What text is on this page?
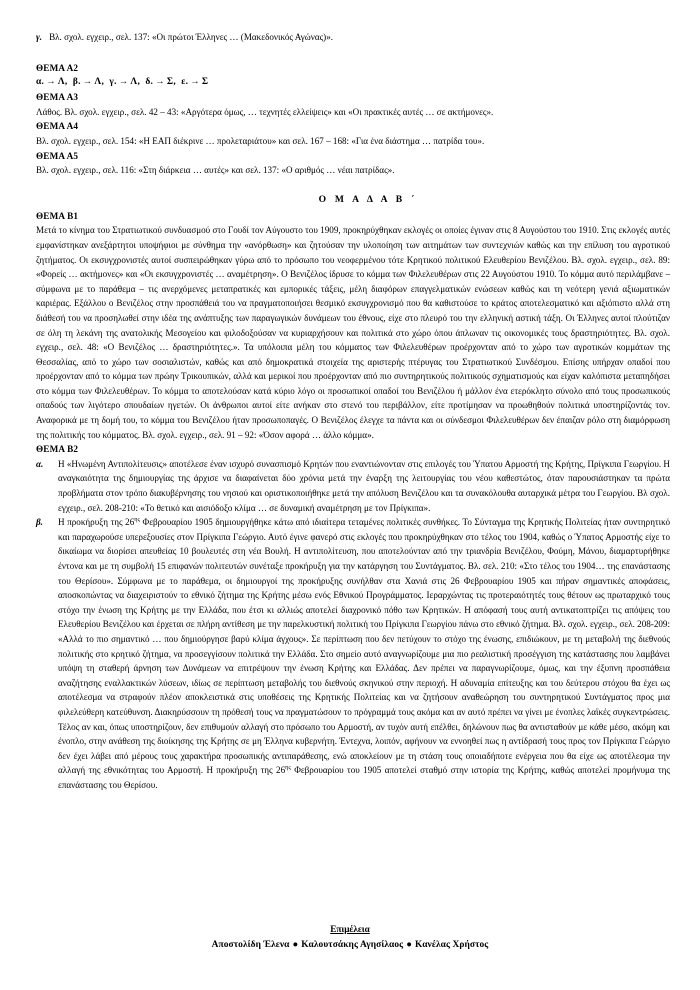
γ. Βλ. σχολ. εγχειρ., σελ. 137: «Οι πρώτοι Έλληνες … (Μακεδονικός Αγώνας)».
ΘΕΜΑ Α2
α. → Λ,  β. → Λ,  γ. → Λ,  δ. → Σ,  ε. → Σ
ΘΕΜΑ Α3
Λάθος. Βλ. σχολ. εγχειρ., σελ. 42 – 43: «Αργότερα όμως, … τεχνητές ελλείψεις» και «Οι πρακτικές αυτές … σε ακτήμονες».
ΘΕΜΑ Α4
Βλ. σχολ. εγχειρ., σελ. 154: «Η ΕΑΠ διέκρινε … προλεταριάτου» και σελ. 167 – 168: «Για ένα διάστημα … πατρίδα του».
ΘΕΜΑ Α5
Βλ. σχολ. εγχειρ., σελ. 116: «Στη διάρκεια … αυτές» και σελ. 137: «Ο αριθμός … νέαι πατρίδας».
Ο Μ Α Δ Α Β ΄
ΘΕΜΑ Β1
Μετά το κίνημα του Στρατιωτικού συνδυασμού στο Γουδί τον Αύγουστο του 1909, προκηρύχθηκαν εκλογές οι οποίες έγιναν στις 8 Αυγούστου του 1910. Στις εκλογές αυτές εμφανίστηκαν ανεξάρτητοι υποψήφιοι με σύνθημα την «ανόρθωση» και ζητούσαν την υλοποίηση των αιτημάτων των συντεχνιών καθώς και την επίλυση του αγροτικού ζητήματος. Οι εκσυγχρονιστές αυτοί συσπειρώθηκαν γύρω από το πρόσωπο του νεοφερμένου τότε Κρητικού πολιτικού Ελευθερίου Βενιζέλου. Βλ. σχολ. εγχειρ., σελ. 89: «Φορείς … ακτήμονες» και «Οι εκσυγχρονιστές … αναμέτρηση». Ο Βενιζέλος ίδρυσε το κόμμα των Φιλελευθέρων στις 22 Αυγούστου 1910. Το κόμμα αυτό περιλάμβανε – σύμφωνα με το παράθεμα – τις ανερχόμενες μεταπρατικές και εμπορικές τάξεις, μέλη διαφόρων επαγγελματικών ενώσεων καθώς και τη νεότερη γενιά αξιωματικών καριέρας. Εξάλλου ο Βενιζέλος στην προσπάθειά του να πραγματοποιήσει θεσμικό εκσυγχρονισμό που θα καθιστούσε το κράτος αποτελεσματικό και αξιόπιστο αλλά στη διάθεσή του να προσηλωθεί στην ιδέα της ανάπτυξης των παραγωγικών δυνάμεων του έθνους, είχε στο πλευρό του την ελληνική αστική τάξη. Οι Έλληνες αυτοί πλούτιζαν σε όλη τη λεκάνη της ανατολικής Μεσογείου και φιλοδοξούσαν να κυριαρχήσουν και πολιτικά στο χώρο όπου άπλωναν τις οικονομικές τους δραστηριότητες. Βλ. σχολ. εγχειρ., σελ. 48: «Ο Βενιζέλος … δραστηριότητες.». Τα υπόλοιπα μέλη του κόμματος των Φιλελευθέρων προέρχονταν από το χώρο των αγροτικών κομμάτων της Θεσσαλίας, από το χώρο των σοσιαλιστών, καθώς και από δημοκρατικά στοιχεία της αριστερής πτέρυγας του Στρατιωτικού Συνδέσμου. Επίσης υπήρχαν οπαδοί που προέρχονταν από το κόμμα των πρώην Τρικουπικών, αλλά και μερικοί που προέρχονταν από πιο συντηρητικούς πολιτικούς σχηματισμούς και είχαν καλόπιστα μεταπηδήσει στο κόμμα των Φιλελευθέρων. Το κόμμα το αποτελούσαν κατά κύριο λόγο οι προσωπικοί οπαδοί του Βενιζέλου ή μάλλον ένα ετερόκλητο σύνολο από τους προσωπικούς οπαδούς των λιγότερο σπουδαίων ηγετών. Οι άνθρωποι αυτοί είτε ανήκαν στο στενό του περιβάλλον, είτε προτίμησαν να προωθηθούν πολιτικά υποστηρίζοντάς τον. Αναφορικά με τη δομή του, το κόμμα του Βενιζέλου ήταν προσωποπαγές. Ο Βενιζέλος έλεγχε τα πάντα και οι σύνδεσμοι Φιλελευθέρων δεν έπαιζαν ρόλο στη διαμόρφωση της πολιτικής του κόμματος. Βλ. σχολ. εγχειρ., σελ. 91 – 92: «Όσον αφορά … άλλο κόμμα».
ΘΕΜΑ Β2
α.	Η «Ηνωμένη Αντιπολίτευσις» αποτέλεσε έναν ισχυρό συνασπισμό Κρητών που εναντιώνονταν στις επιλογές του Ύπατου Αρμοστή της Κρήτης, Πρίγκιπα Γεωργίου. Η αναγκαιότητα της δημιουργίας της άρχισε να διαφαίνεται δύο χρόνια μετά την έναρξη της λειτουργίας του νέου καθεστώτος, όταν παρουσιάστηκαν τα πρώτα προβλήματα στον τρόπο διακυβέρνησης του νησιού και οριστικοποιήθηκε μετά την απόλυση Βενιζέλου και τα συνακόλουθα αυταρχικά μέτρα του Γεωργίου. Βλ σχολ. εγχειρ., σελ. 208-210: «Το θετικό και αισιόδοξο κλίμα … σε δυναμική αναμέτρηση με τον Πρίγκιπα».
β.	Η προκήρυξη της $26^{\eta\varsigma}$ Φεβρουαρίου 1905 δημιουργήθηκε κάτω από ιδιαίτερα τεταμένες πολιτικές συνθήκες. Το Σύνταγμα της Κρητικής Πολιτείας ήταν συντηρητικό και παραχωρούσε υπερεξουσίες στον Πρίγκιπα Γεώργιο. Αυτό έγινε φανερό στις εκλογές που προκηρύχθηκαν στο τέλος του 1904, καθώς ο Ύπατος Αρμοστής είχε το δικαίωμα να διορίσει απευθείας 10 βουλευτές στη νέα Βουλή. Η αντιπολίτευση, που αποτελούνταν από την τριανδρία Βενιζέλου, Φούμη, Μάνου, διαμαρτυρήθηκε έντονα και με τη συμβολή 15 επιφανών πολιτευτών συνέταξε προκήρυξη για την κατάργηση του Συντάγματος. Βλ. σελ. 210: «Στο τέλος του 1904… της επανάστασης του Θερίσου». Σύμφωνα με το παράθεμα, οι δημιουργοί της προκήρυξης συνήλθαν στα Χανιά στις 26 Φεβρουαρίου 1905 και πήραν σημαντικές αποφάσεις, αποσκοπώντας να διαχειριστούν το εθνικό ζήτημα της Κρήτης μέσω ενός Εθνικού Προγράμματος. Ιεραρχώντας τις προτεραιότητές τους θέτουν ως πρωταρχικό τους στόχο την ένωση της Κρήτης με την Ελλάδα, που έτσι κι αλλιώς αποτελεί διαχρονικό πόθο των Κρητικών. Η απόφασή τους αυτή αντικατοπτρίζει τις απόψεις του Ελευθερίου Βενιζέλου και έρχεται σε πλήρη αντίθεση με την παρελκυστική πολιτική του Πρίγκιπα Γεωργίου πάνω στο εθνικό ζήτημα. Βλ. σχολ. εγχειρ., σελ. 208-209: «Αλλά το πιο σημαντικό … που δημιούργησε βαρύ κλίμα άγχους». Σε περίπτωση που δεν πετύχουν το στόχο της ένωσης, επιδιώκουν, με τη μεταβολή της διεθνούς πολιτικής στο κρητικό ζήτημα, να προσεγγίσουν πολιτικά την Ελλάδα. Στο σημείο αυτό αναγνωρίζουμε μια πιο ρεαλιστική προσέγγιση της κατάστασης που λαμβάνει υπόψη τη σταθερή άρνηση των Δυνάμεων να επιτρέψουν την ένωση Κρήτης και Ελλάδας. Δεν πρέπει να παραγνωρίζουμε, όμως, και την έξυπνη προσπάθεια αναζήτησης εναλλακτικών λύσεων, ιδίως σε περίπτωση μεταβολής του διεθνούς σκηνικού στην περιοχή. Η αδυναμία επίτευξης και του δεύτερου στόχου θα έχει ως αποτέλεσμα να στραφούν πλέον αποκλειστικά στις υποθέσεις της Κρητικής Πολιτείας και να ζητήσουν αναθεώρηση του συντηρητικού Συντάγματος προς μια φιλελεύθερη κατεύθυνση. Διακηρύσσουν τη πρόθεσή τους να πραγματώσουν το πρόγραμμά τους ακόμα και αν αυτό πρέπει να γίνει με ένοπλες λαϊκές συγκεντρώσεις. Τέλος αν και, όπως υποστηρίζουν, δεν επιθυμούν αλλαγή στο πρόσωπο του Αρμοστή, αν τυχόν αυτή επέλθει, δηλώνουν πως θα αντισταθούν με κάθε μέσο, ακόμη και ένοπλο, στην ανάθεση της διοίκησης της Κρήτης σε μη Έλληνα κυβερνήτη. Έντεχνα, λοιπόν, αφήνουν να εννοηθεί πως η αντίδρασή τους προς τον Πρίγκιπα Γεώργιο δεν έχει λάβει από μέρους τους χαρακτήρα προσωπικής αντιπαράθεσης, ενώ αποκλείουν με τη στάση τους οποιαδήποτε ενέργεια που θα είχε ως αποτέλεσμα την αλλαγή της εθνικότητας του Αρμοστή. Η προκήρυξη της $26^{\eta\varsigma}$ Φεβρουαρίου του 1905 αποτελεί σταθμό στην ιστορία της Κρήτης, καθώς αποτελεί προμήνυμα της επανάστασης του Θερίσου.
Επιμέλεια
Αποστολίδη Έλενα ● Καλουτσάκης Αγησίλαος ● Κανέλας Χρήστος
